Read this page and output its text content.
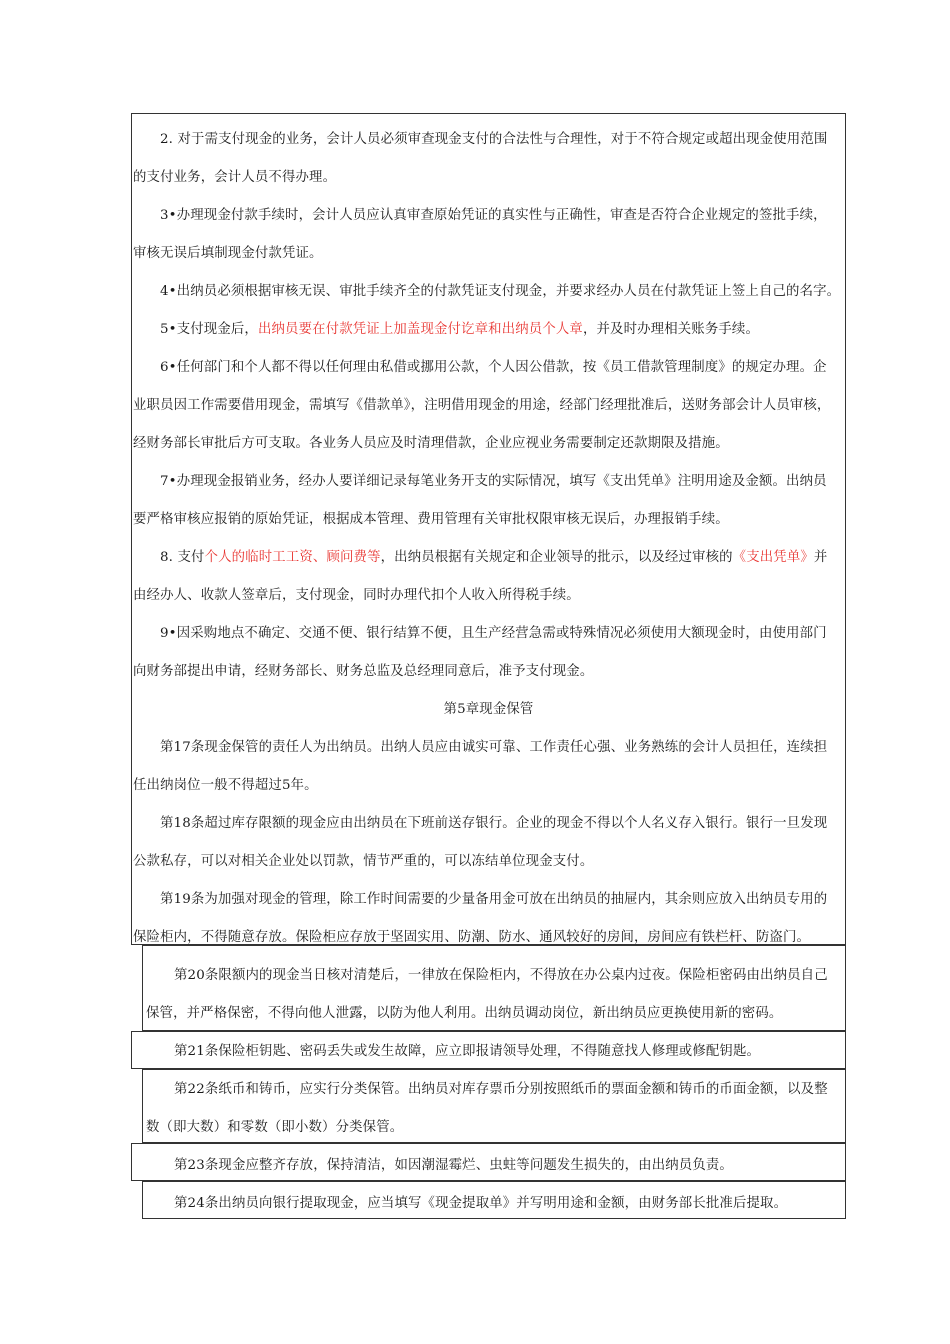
2. 对于需支付现金的业务，会计人员必须审查现金支付的合法性与合理性，对于不符合规定或超出现金使用范围
的支付业务，会计人员不得办理。
3•办理现金付款手续时，会计人员应认真审查原始凭证的真实性与正确性，审查是否符合企业规定的签批手续，
审核无误后填制现金付款凭证。
4•出纳员必须根据审核无误、审批手续齐全的付款凭证支付现金，并要求经办人员在付款凭证上签上自己的名字。
5•支付现金后，出纳员要在付款凭证上加盖现金付讫章和出纳员个人章，并及时办理相关账务手续。
6•任何部门和个人都不得以任何理由私借或挪用公款，个人因公借款，按《员工借款管理制度》的规定办理。企
业职员因工作需要借用现金，需填写《借款单》，注明借用现金的用途，经部门经理批准后，送财务部会计人员审核，
经财务部长审批后方可支取。各业务人员应及时清理借款，企业应视业务需要制定还款期限及措施。
7•办理现金报销业务，经办人要详细记录每笔业务开支的实际情况，填写《支出凭单》注明用途及金额。出纳员
要严格审核应报销的原始凭证，根据成本管理、费用管理有关审批权限审核无误后，办理报销手续。
8. 支付个人的临时工工资、顾问费等，出纳员根据有关规定和企业领导的批示，以及经过审核的《支出凭单》并
由经办人、收款人签章后，支付现金，同时办理代扣个人收入所得税手续。
9•因采购地点不确定、交通不便、银行结算不便，且生产经营急需或特殊情况必须使用大额现金时，由使用部门
向财务部提出申请，经财务部长、财务总监及总经理同意后，准予支付现金。
第5章现金保管
第17条现金保管的责任人为出纳员。出纳人员应由诚实可靠、工作责任心强、业务熟练的会计人员担任，连续担
任出纳岗位一般不得超过5年。
第18条超过库存限额的现金应由出纳员在下班前送存银行。企业的现金不得以个人名义存入银行。银行一旦发现
公款私存，可以对相关企业处以罚款，情节严重的，可以冻结单位现金支付。
第19条为加强对现金的管理，除工作时间需要的少量备用金可放在出纳员的抽屉内，其余则应放入出纳员专用的
保险柜内，不得随意存放。保险柜应存放于坚固实用、防潮、防水、通风较好的房间，房间应有铁栏杆、防盗门。
第20条限额内的现金当日核对清楚后，一律放在保险柜内，不得放在办公桌内过夜。保险柜密码由出纳员自己
保管，并严格保密，不得向他人泄露，以防为他人利用。出纳员调动岗位，新出纳员应更换使用新的密码。
第21条保险柜钥匙、密码丢失或发生故障，应立即报请领导处理，不得随意找人修理或修配钥匙。
第22条纸币和铸币，应实行分类保管。出纳员对库存票币分别按照纸币的票面金额和铸币的币面金额，以及整
数（即大数）和零数（即小数）分类保管。
第23条现金应整齐存放，保持清洁，如因潮湿霉烂、虫蛀等问题发生损失的，由出纳员负责。
第24条出纳员向银行提取现金，应当填写《现金提取单》并写明用途和金额，由财务部长批准后提取。
